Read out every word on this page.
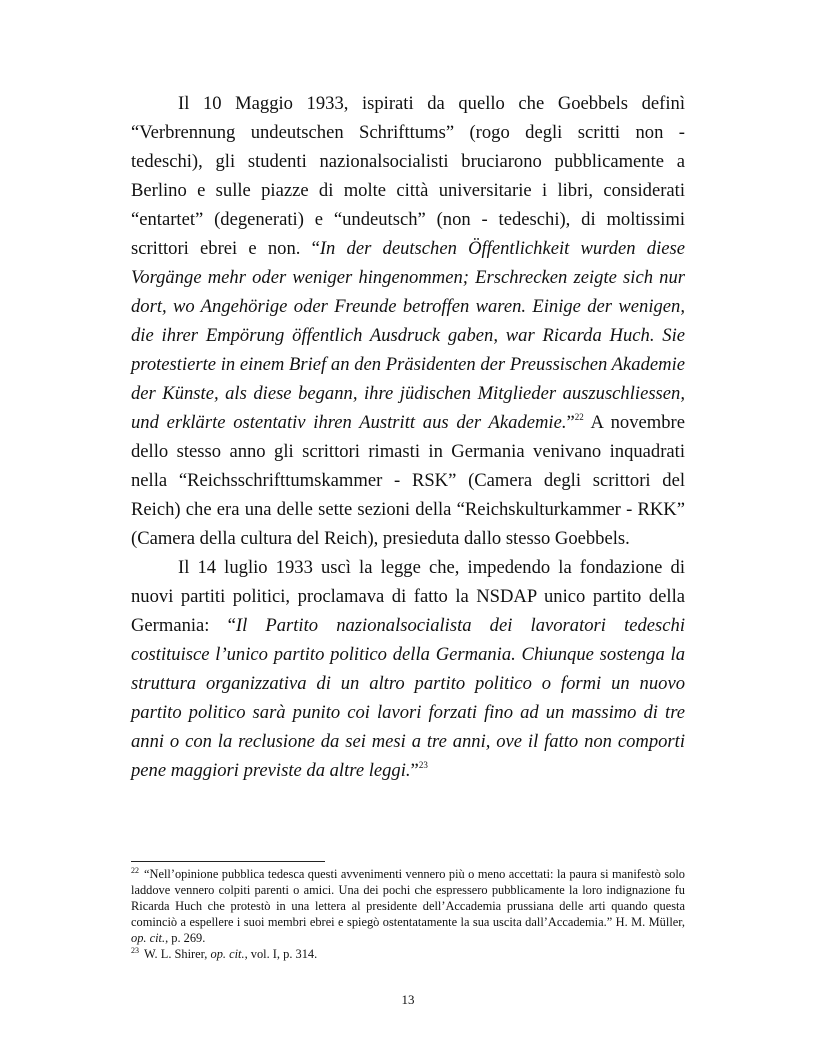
Il 10 Maggio 1933, ispirati da quello che Goebbels definì “Verbrennung undeutschen Schrifttums” (rogo degli scritti non - tedeschi), gli studenti nazionalsocialisti bruciarono pubblicamente a Berlino e sulle piazze di molte città universitarie i libri, considerati “entartet” (degenerati) e “undeutsch” (non - tedeschi), di moltissimi scrittori ebrei e non. “In der deutschen Öffentlichkeit wurden diese Vorgänge mehr oder weniger hingenommen; Erschrecken zeigte sich nur dort, wo Angehörige oder Freunde betroffen waren. Einige der wenigen, die ihrer Empörung öffentlich Ausdruck gaben, war Ricarda Huch. Sie protestierte in einem Brief an den Präsidenten der Preussischen Akademie der Künste, als diese begann, ihre jüdischen Mitglieder auszuschliessen, und erklärte ostentativ ihren Austritt aus der Akademie.”$^{22}$ A novembre dello stesso anno gli scrittori rimasti in Germania venivano inquadrati nella “Reichsschrifttumskammer - RSK” (Camera degli scrittori del Reich) che era una delle sette sezioni della “Reichskulturkammer - RKK” (Camera della cultura del Reich), presieduta dallo stesso Goebbels.

Il 14 luglio 1933 uscì la legge che, impedendo la fondazione di nuovi partiti politici, proclamava di fatto la NSDAP unico partito della Germania: “Il Partito nazionalsocialista dei lavoratori tedeschi costituisce l’unico partito politico della Germania. Chiunque sostenga la struttura organizzativa di un altro partito politico o formi un nuovo partito politico sarà punito coi lavori forzati fino ad un massimo di tre anni o con la reclusione da sei mesi a tre anni, ove il fatto non comporti pene maggiori previste da altre leggi.”$^{23}$

$^{22}$ “Nell’opinione pubblica tedesca questi avvenimenti vennero più o meno accettati: la paura si manifestò solo laddove vennero colpiti parenti o amici. Una dei pochi che espressero pubblicamente la loro indignazione fu Ricarda Huch che protestò in una lettera al presidente dell’Accademia prussiana delle arti quando questa cominciò a espellere i suoi membri ebrei e spiegò ostentatamente la sua uscita dall’Accademia.” H. M. Müller, op. cit., p. 269.

$^{23}$ W. L. Shirer, op. cit., vol. I, p. 314.

13
